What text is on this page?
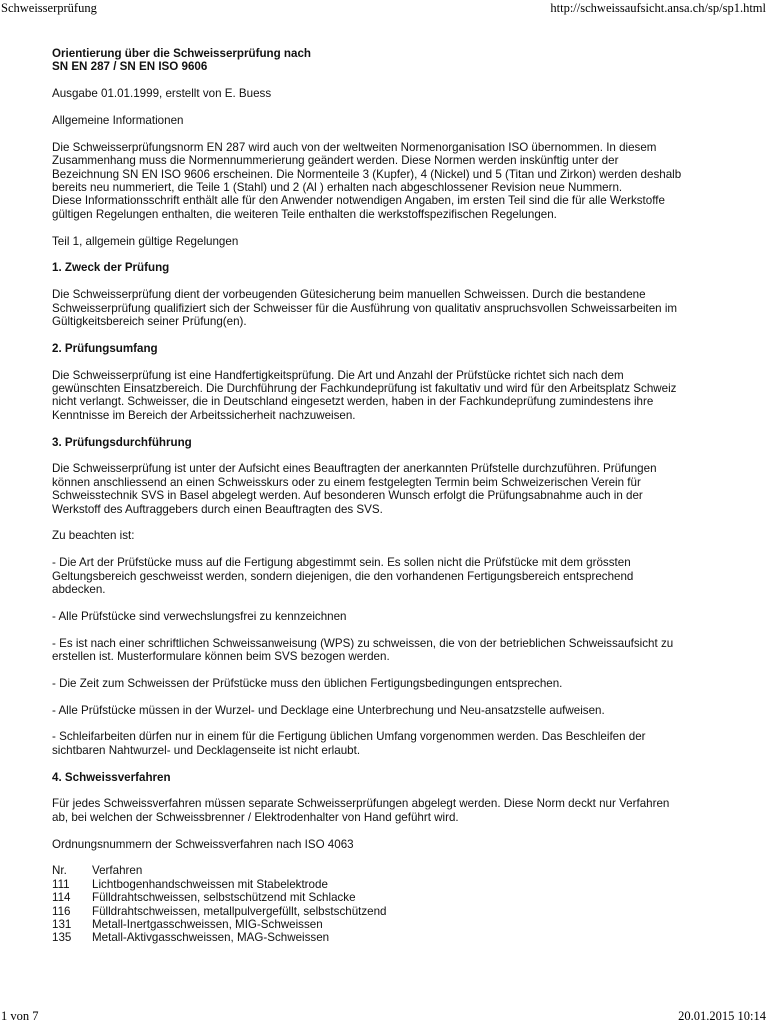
Schweisserprüfung	http://schweissaufsicht.ansa.ch/sp/sp1.html

Orientierung über die Schweisserprüfung nach
SN EN 287 / SN EN ISO 9606

Ausgabe 01.01.1999, erstellt von E. Buess

Allgemeine Informationen

Die Schweisserprüfungsnorm EN 287 wird auch von der weltweiten Normenorganisation ISO übernommen. In diesem
Zusammenhang muss die Normennummerierung geändert werden. Diese Normen werden inskünftig unter der
Bezeichnung SN EN ISO 9606 erscheinen. Die Normenteile 3 (Kupfer), 4 (Nickel) und 5 (Titan und Zirkon) werden deshalb
bereits neu nummeriert, die Teile 1 (Stahl) und 2 (Al ) erhalten nach abgeschlossener Revision neue Nummern.
Diese Informationsschrift enthält alle für den Anwender notwendigen Angaben, im ersten Teil sind die für alle Werkstoffe
gültigen Regelungen enthalten, die weiteren Teile enthalten die werkstoffspezifischen Regelungen.

Teil 1, allgemein gültige Regelungen

1. Zweck der Prüfung

Die Schweisserprüfung dient der vorbeugenden Gütesicherung beim manuellen Schweissen. Durch die bestandene
Schweisserprüfung qualifiziert sich der Schweisser für die Ausführung von qualitativ anspruchsvollen Schweissarbeiten im
Gültigkeitsbereich seiner Prüfung(en).

2. Prüfungsumfang

Die Schweisserprüfung ist eine Handfertigkeitsprüfung. Die Art und Anzahl der Prüfstücke richtet sich nach dem
gewünschten Einsatzbereich. Die Durchführung der Fachkundeprüfung ist fakultativ und wird für den Arbeitsplatz Schweiz
nicht verlangt. Schweisser, die in Deutschland eingesetzt werden, haben in der Fachkundeprüfung zumindestens ihre
Kenntnisse im Bereich der Arbeitssicherheit nachzuweisen.

3. Prüfungsdurchführung

Die Schweisserprüfung ist unter der Aufsicht eines Beauftragten der anerkannten Prüfstelle durchzuführen. Prüfungen
können anschliessend an einen Schweisskurs oder zu einem festgelegten Termin beim Schweizerischen Verein für
Schweisstechnik SVS in Basel abgelegt werden. Auf besonderen Wunsch erfolgt die Prüfungsabnahme auch in der
Werkstoff des Auftraggebers durch einen Beauftragten des SVS.

Zu beachten ist:

- Die Art der Prüfstücke muss auf die Fertigung abgestimmt sein. Es sollen nicht die Prüfstücke mit dem grössten
Geltungsbereich geschweisst werden, sondern diejenigen, die den vorhandenen Fertigungsbereich entsprechend
abdecken.

- Alle Prüfstücke sind verwechslungsfrei zu kennzeichnen

- Es ist nach einer schriftlichen Schweissanweisung (WPS) zu schweissen, die von der betrieblichen Schweissaufsicht zu
erstellen ist. Musterformulare können beim SVS bezogen werden.

- Die Zeit zum Schweissen der Prüfstücke muss den üblichen Fertigungsbedingungen entsprechen.

- Alle Prüfstücke müssen in der Wurzel- und Decklage eine Unterbrechung und Neu-ansatzstelle aufweisen.

- Schleifarbeiten dürfen nur in einem für die Fertigung üblichen Umfang vorgenommen werden. Das Beschleifen der
sichtbaren Nahtwurzel- und Decklagenseite ist nicht erlaubt.

4. Schweissverfahren

Für jedes Schweissverfahren müssen separate Schweisserprüfungen abgelegt werden. Diese Norm deckt nur Verfahren
ab, bei welchen der Schweissbrenner / Elektrodenhalter von Hand geführt wird.

Ordnungsnummern der Schweissverfahren nach ISO 4063

Nr.	Verfahren
111	Lichtbogenhandschweissen mit Stabelektrode
114	Fülldrahtschweissen, selbstschützend mit Schlacke
116	Fülldrahtschweissen, metallpulvergefüllt, selbstschützend
131	Metall-Inertgasschweissen, MIG-Schweissen
135	Metall-Aktivgasschweissen, MAG-Schweissen
1 von 7	20.01.2015 10:14
